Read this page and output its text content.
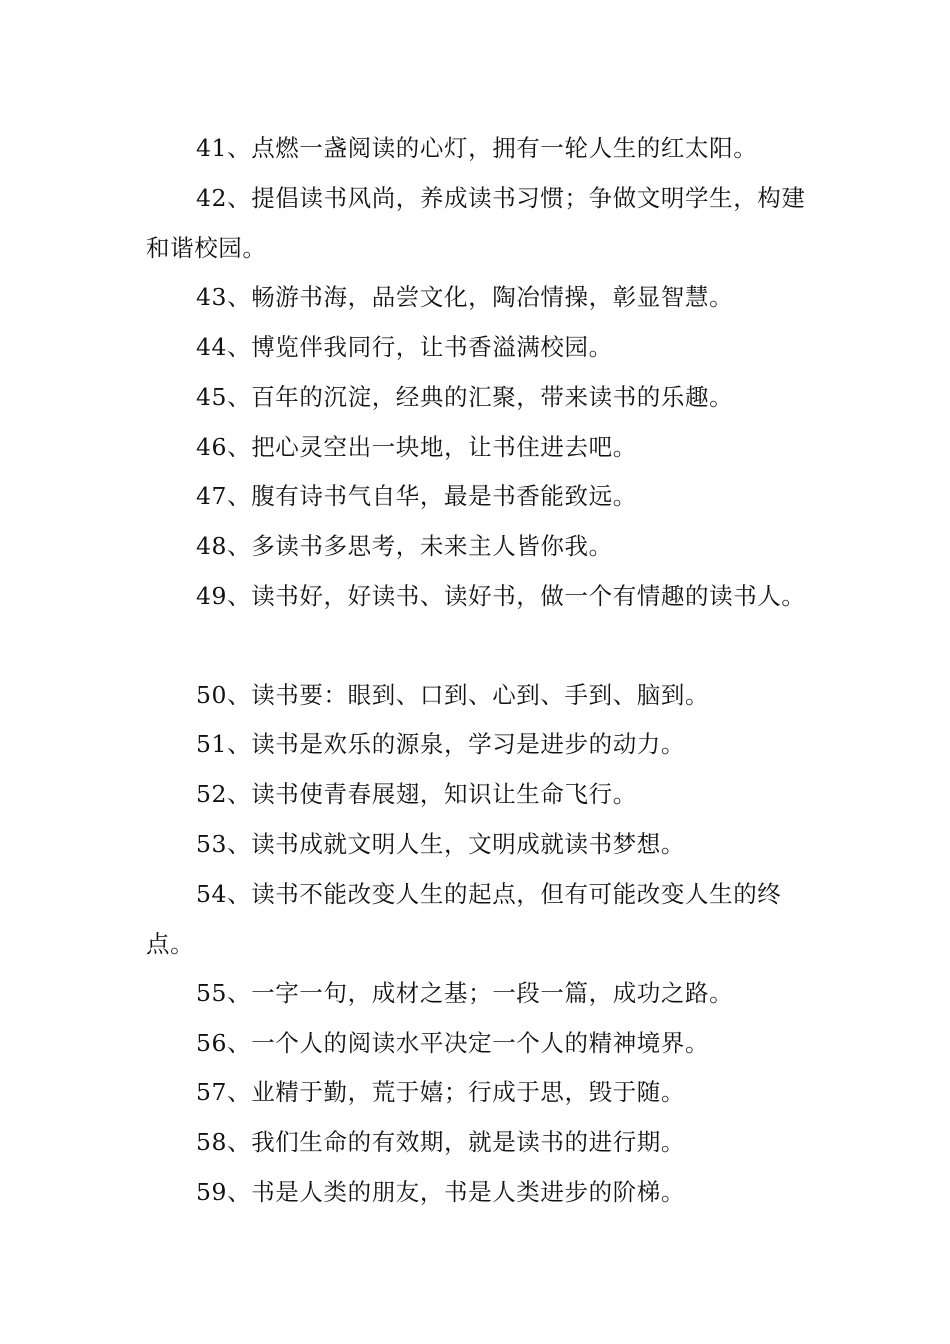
41、点燃一盏阅读的心灯，拥有一轮人生的红太阳。

42、提倡读书风尚，养成读书习惯；争做文明学生，构建和谐校园。

43、畅游书海，品尝文化，陶冶情操，彰显智慧。

44、博览伴我同行，让书香溢满校园。

45、百年的沉淀，经典的汇聚，带来读书的乐趣。

46、把心灵空出一块地，让书住进去吧。

47、腹有诗书气自华，最是书香能致远。

48、多读书多思考，未来主人皆你我。

49、读书好，好读书、读好书，做一个有情趣的读书人。

50、读书要：眼到、口到、心到、手到、脑到。

51、读书是欢乐的源泉，学习是进步的动力。

52、读书使青春展翅，知识让生命飞行。

53、读书成就文明人生，文明成就读书梦想。

54、读书不能改变人生的起点，但有可能改变人生的终点。

55、一字一句，成材之基；一段一篇，成功之路。

56、一个人的阅读水平决定一个人的精神境界。

57、业精于勤，荒于嬉；行成于思，毁于随。

58、我们生命的有效期，就是读书的进行期。

59、书是人类的朋友，书是人类进步的阶梯。
